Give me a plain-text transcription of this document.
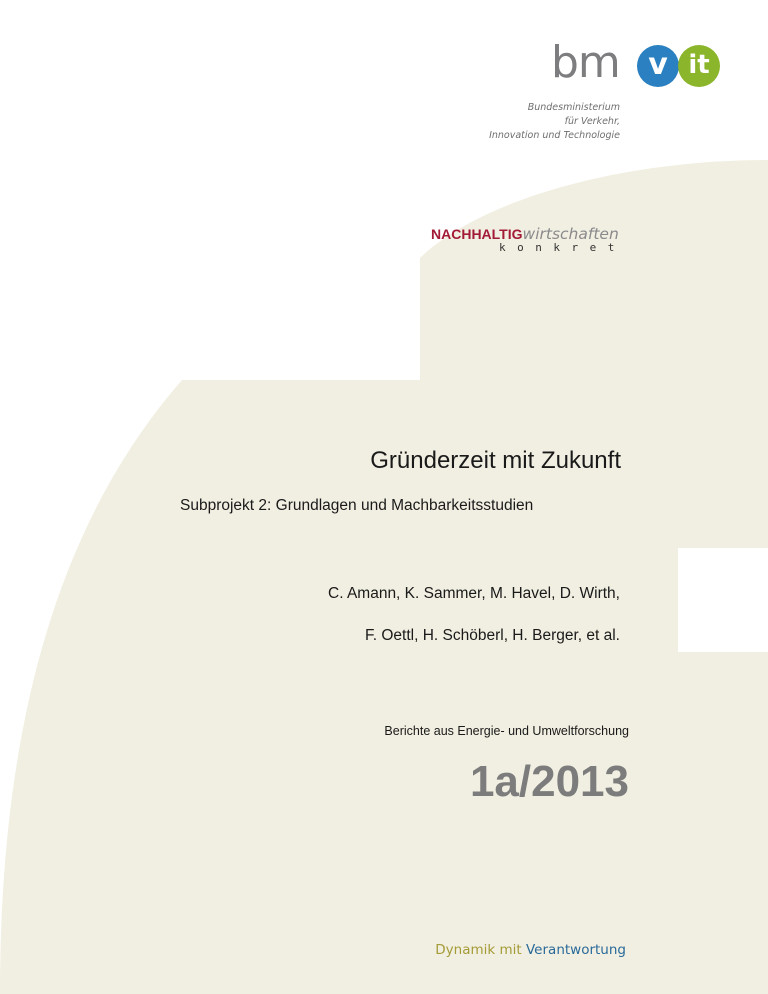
bm v it
Bundesministerium
für Verkehr,
Innovation und Technologie
NACHHALTIGwirtschaften
konkret
Gründerzeit mit Zukunft
Subprojekt 2: Grundlagen und Machbarkeitsstudien
C. Amann, K. Sammer, M. Havel, D. Wirth,
F. Oettl, H. Schöberl, H. Berger, et al.
Berichte aus Energie- und Umweltforschung
1a/2013
Dynamik mit Verantwortung
